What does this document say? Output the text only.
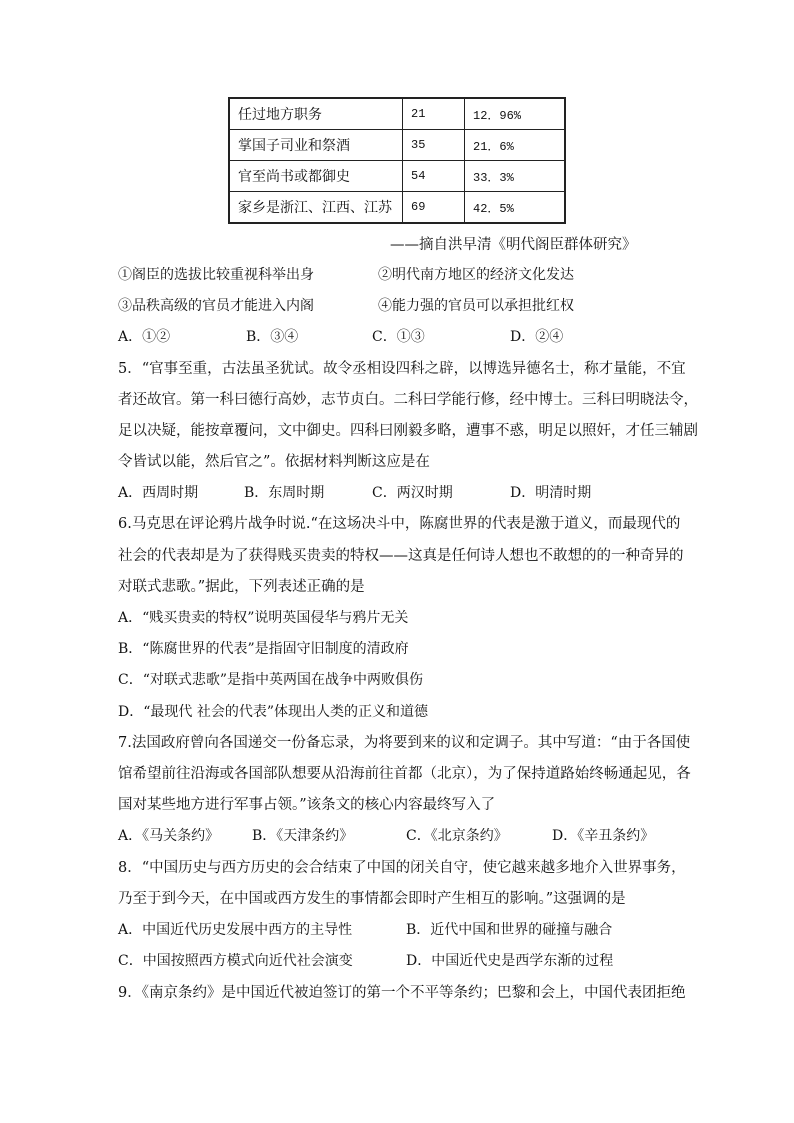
任过地方职务	21	12．96%
掌国子司业和祭酒	35	21．6%
官至尚书或都御史	54	33．3%
家乡是浙江、江西、江苏	69	42．5%
——摘自洪早清《明代阁臣群体研究》
①阁臣的选拔比较重视科举出身	②明代南方地区的经济文化发达
③品秩高级的官员才能进入内阁	④能力强的官员可以承担批红权
A．①②	B．③④	C．①③	D．②④
5．“官事至重，古法虽圣犹试。故令丞相设四科之辟，以博选异德名士，称才量能，不宜
者还故官。第一科曰德行高妙，志节贞白。二科曰学能行修，经中博士。三科曰明晓法令，
足以决疑，能按章覆问，文中御史。四科曰刚毅多略，遭事不惑，明足以照奸，才任三辅剧
令皆试以能，然后官之”。依据材料判断这应是在
A．西周时期	B．东周时期	C．两汉时期	D．明清时期
6.马克思在评论鸦片战争时说.“在这场决斗中，陈腐世界的代表是激于道义，而最现代的
社会的代表却是为了获得贱买贵卖的特权——这真是任何诗人想也不敢想的的一种奇异的
对联式悲歌。”据此，下列表述正确的是
A．“贱买贵卖的特权”说明英国侵华与鸦片无关
B．“陈腐世界的代表”是指固守旧制度的清政府
C．“对联式悲歌”是指中英两国在战争中两败俱伤
D．“最现代 社会的代表”体现出人类的正义和道德
7.法国政府曾向各国递交一份备忘录，为将要到来的议和定调子。其中写道：“由于各国使
馆希望前往沿海或各国部队想要从沿海前往首都（北京），为了保持道路始终畅通起见，各
国对某些地方进行军事占领。”该条文的核心内容最终写入了
A．《马关条约》 B．《天津条约》	C．《北京条约》	D．《辛丑条约》
8．“中国历史与西方历史的会合结束了中国的闭关自守，使它越来越多地介入世界事务，
乃至于到今天，在中国或西方发生的事情都会即时产生相互的影响。”这强调的是
A．中国近代历史发展中西方的主导性	B．近代中国和世界的碰撞与融合
C．中国按照西方模式向近代社会演变	D．中国近代史是西学东渐的过程
9．《南京条约》是中国近代被迫签订的第一个不平等条约；巴黎和会上，中国代表团拒绝
